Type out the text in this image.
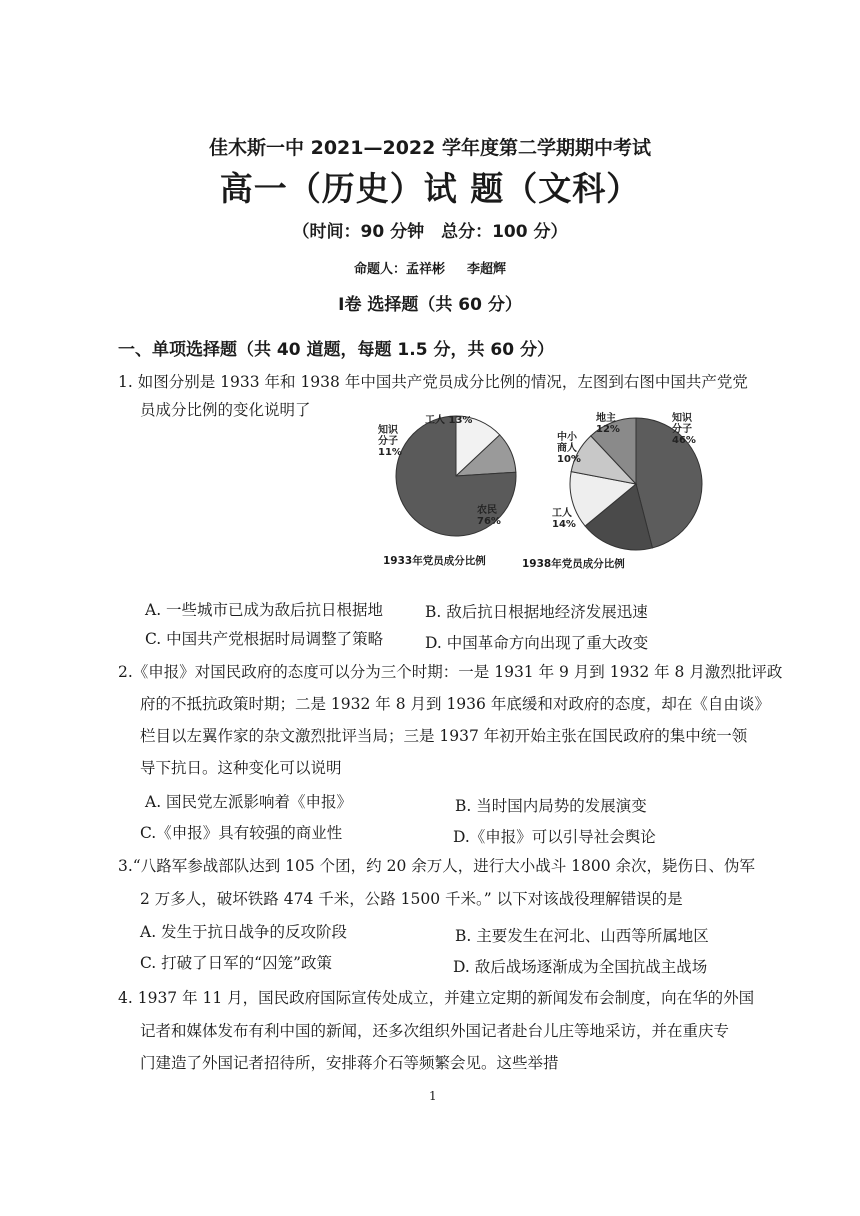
佳木斯一中 2021—2022 学年度第二学期期中考试
高一（历史）试 题（文科）
（时间：90 分钟　总分：100 分）
命题人：孟祥彬 李超辉
Ⅰ卷 选择题（共 60 分）
一、单项选择题（共 40 道题，每题 1.5 分，共 60 分）
1. 如图分别是 1933 年和 1938 年中国共产党员成分比例的情况，左图到右图中国共产党党
员成分比例的变化说明了
工人 13%
知识
分子
11%
农民
76%
1933年党员成分比例
地主
12%
知识
分子
46%
中小
商人
10%
工人
14%
1938年党员成分比例
A. 一些城市已成为敌后抗日根据地	B. 敌后抗日根据地经济发展迅速
C. 中国共产党根据时局调整了策略	D. 中国革命方向出现了重大改变
2.《申报》对国民政府的态度可以分为三个时期：一是 1931 年 9 月到 1932 年 8 月激烈批评政
府的不抵抗政策时期；二是 1932 年 8 月到 1936 年底缓和对政府的态度，却在《自由谈》
栏目以左翼作家的杂文激烈批评当局；三是 1937 年初开始主张在国民政府的集中统一领
导下抗日。这种变化可以说明
A. 国民党左派影响着《申报》	B. 当时国内局势的发展演变
C.《申报》具有较强的商业性	D.《申报》可以引导社会舆论
3.“八路军参战部队达到 105 个团，约 20 余万人，进行大小战斗 1800 余次，毙伤日、伪军
2 万多人，破坏铁路 474 千米，公路 1500 千米。” 以下对该战役理解错误的是
A. 发生于抗日战争的反攻阶段	B. 主要发生在河北、山西等所属地区
C. 打破了日军的“囚笼”政策	D. 敌后战场逐渐成为全国抗战主战场
4. 1937 年 11 月，国民政府国际宣传处成立，并建立定期的新闻发布会制度，向在华的外国
记者和媒体发布有利中国的新闻，还多次组织外国记者赴台儿庄等地采访，并在重庆专
门建造了外国记者招待所，安排蒋介石等频繁会见。这些举措
1
